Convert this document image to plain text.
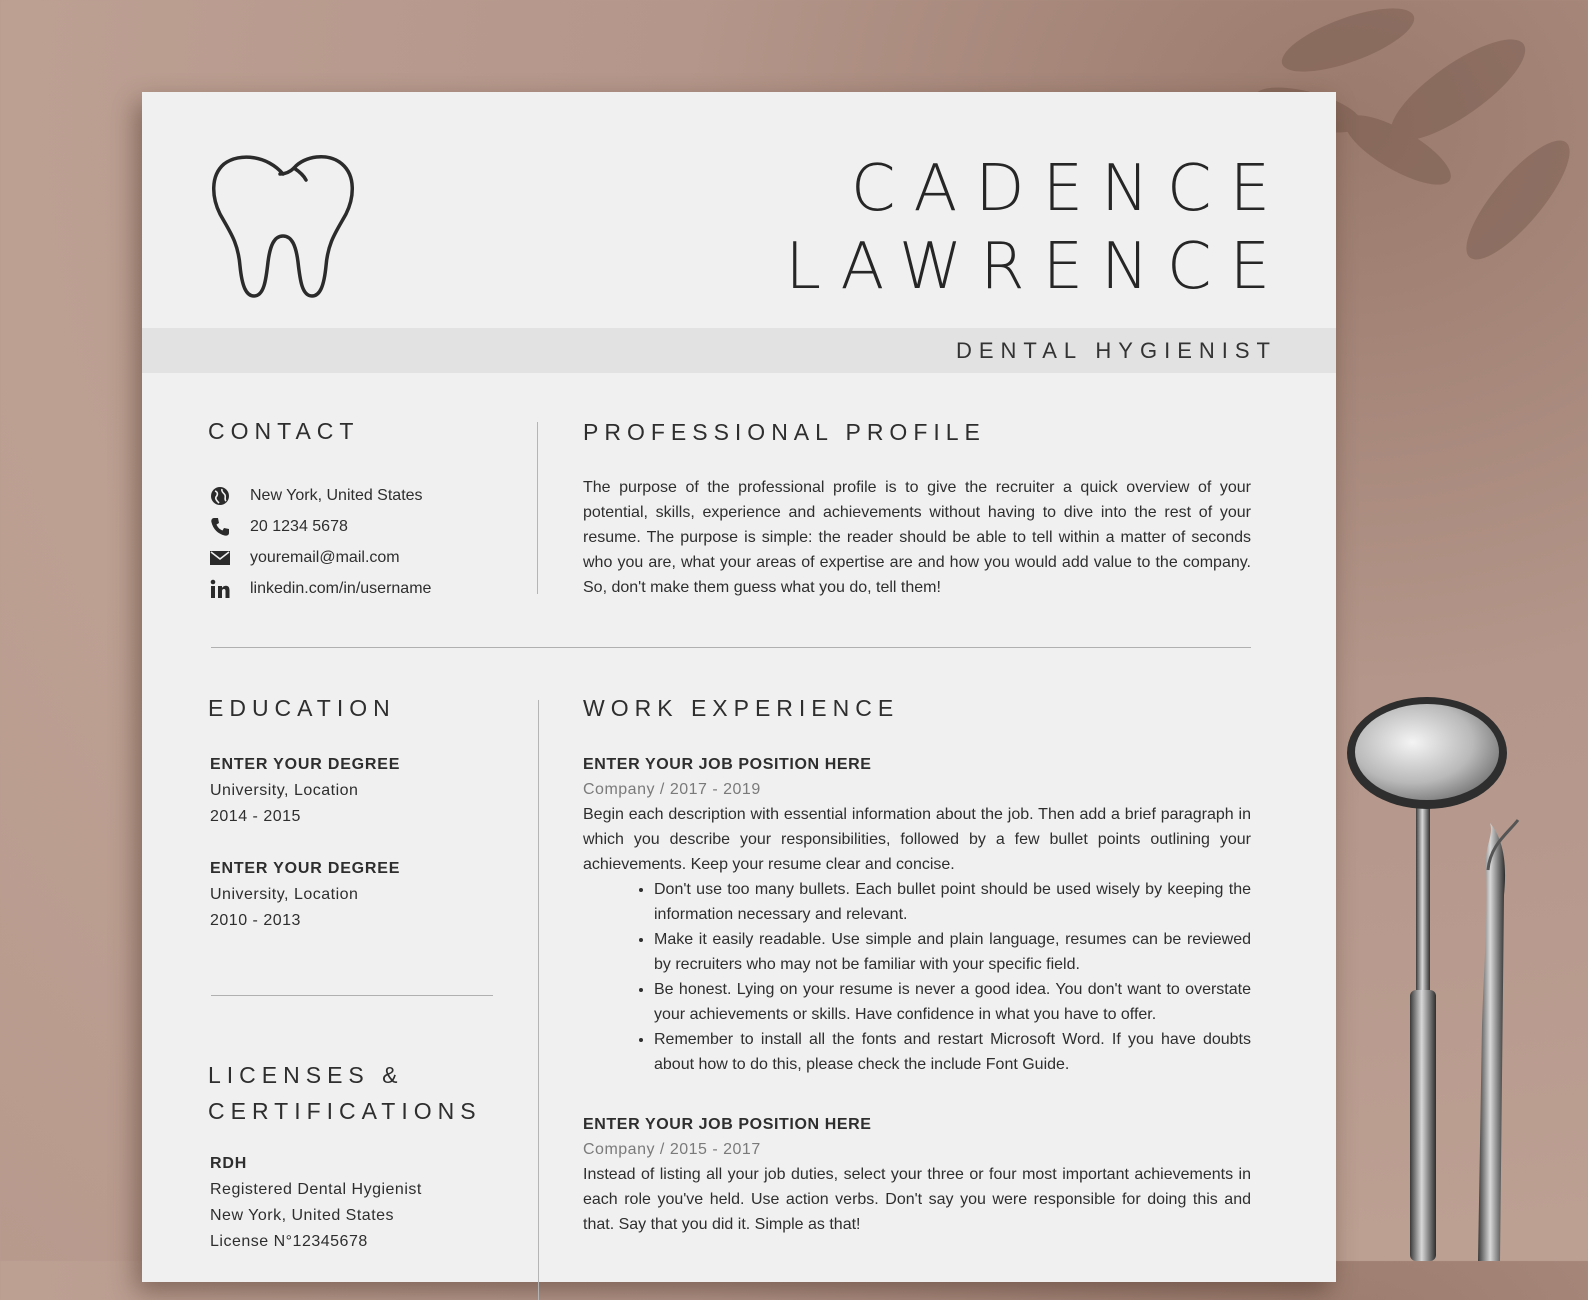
CADENCE
LAWRENCE
DENTAL HYGIENIST
CONTACT	PROFESSIONAL PROFILE
New York, United States
20 1234 5678
youremail@mail.com
linkedin.com/in/username

The purpose of the professional profile is to give the recruiter a quick overview of your potential, skills, experience and achievements without having to dive into the rest of your resume. The purpose is simple: the reader should be able to tell within a matter of seconds who you are, what your areas of expertise are and how you would add value to the company. So, don't make them guess what you do, tell them!

EDUCATION	WORK EXPERIENCE
ENTER YOUR DEGREE
University, Location
2014 - 2015
ENTER YOUR DEGREE
University, Location
2010 - 2013
LICENSES &
CERTIFICATIONS
RDH
Registered Dental Hygienist
New York, United States
License N°12345678
ENTER YOUR JOB POSITION HERE
Company / 2017 - 2019

Begin each description with essential information about the job. Then add a brief paragraph in which you describe your responsibilities, followed by a few bullet points outlining your achievements. Keep your resume clear and concise.

• Don't use too many bullets. Each bullet point should be used wisely by keeping the information necessary and relevant.
• Make it easily readable. Use simple and plain language, resumes can be reviewed by recruiters who may not be familiar with your specific field.
• Be honest. Lying on your resume is never a good idea. You don't want to overstate your achievements or skills. Have confidence in what you have to offer.
• Remember to install all the fonts and restart Microsoft Word. If you have doubts about how to do this, please check the include Font Guide.
ENTER YOUR JOB POSITION HERE
Company / 2015 - 2017

Instead of listing all your job duties, select your three or four most important achievements in each role you've held. Use action verbs. Don't say you were responsible for doing this and that. Say that you did it. Simple as that!
